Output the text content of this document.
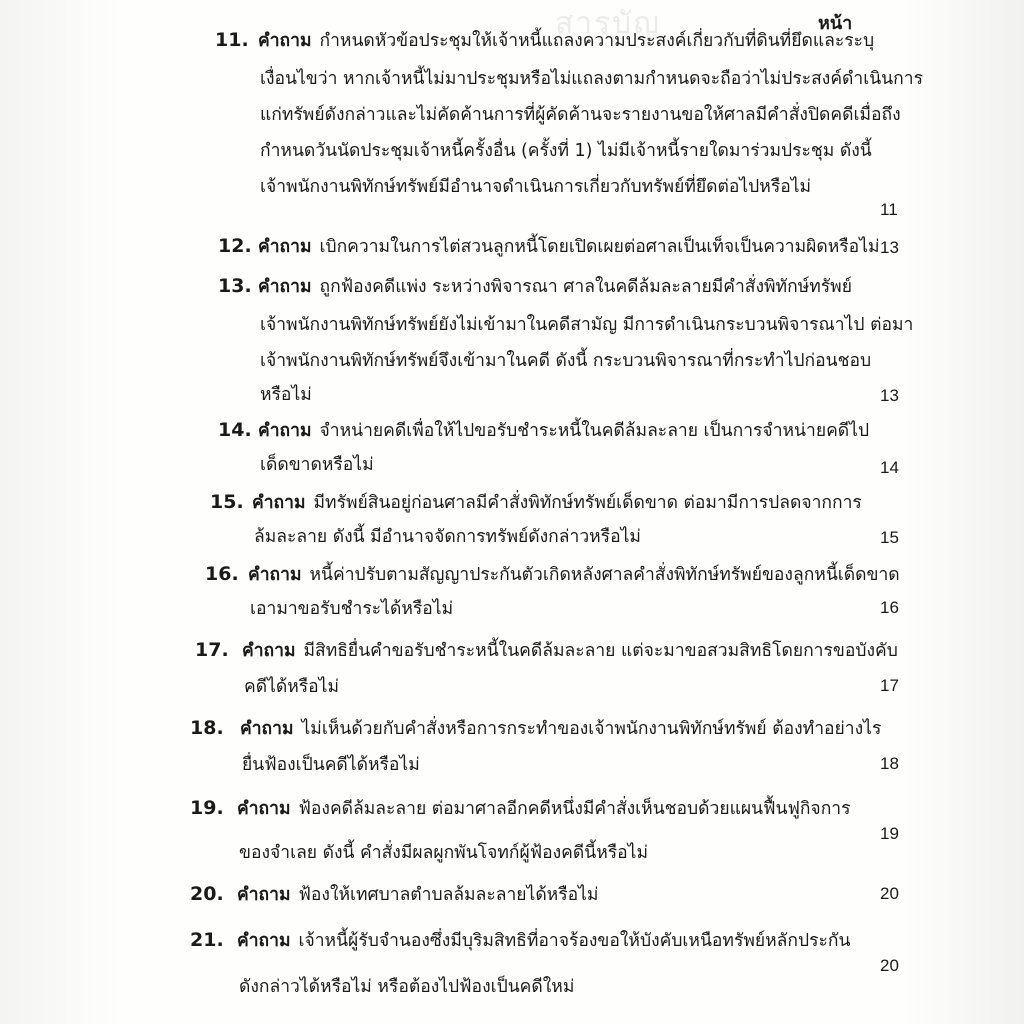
สารบัญ	หน้า
11. คำถาม กำหนดหัวข้อประชุมให้เจ้าหนี้แถลงความประสงค์เกี่ยวกับที่ดินที่ยึดและระบุ
เงื่อนไขว่า หากเจ้าหนี้ไม่มาประชุมหรือไม่แถลงตามกำหนดจะถือว่าไม่ประสงค์ดำเนินการ
แก่ทรัพย์ดังกล่าวและไม่คัดค้านการที่ผู้คัดค้านจะรายงานขอให้ศาลมีคำสั่งปิดคดีเมื่อถึง
กำหนดวันนัดประชุมเจ้าหนี้ครั้งอื่น (ครั้งที่ 1) ไม่มีเจ้าหนี้รายใดมาร่วมประชุม ดังนี้
เจ้าพนักงานพิทักษ์ทรัพย์มีอำนาจดำเนินการเกี่ยวกับทรัพย์ที่ยึดต่อไปหรือไม่
11
12. คำถาม เบิกความในการไต่สวนลูกหนี้โดยเปิดเผยต่อศาลเป็นเท็จเป็นความผิดหรือไม่ 13
13. คำถาม ถูกฟ้องคดีแพ่ง ระหว่างพิจารณา ศาลในคดีล้มละลายมีคำสั่งพิทักษ์ทรัพย์
เจ้าพนักงานพิทักษ์ทรัพย์ยังไม่เข้ามาในคดีสามัญ มีการดำเนินกระบวนพิจารณาไป ต่อมา
เจ้าพนักงานพิทักษ์ทรัพย์จึงเข้ามาในคดี ดังนี้ กระบวนพิจารณาที่กระทำไปก่อนชอบ
หรือไม่	13
14. คำถาม จำหน่ายคดีเพื่อให้ไปขอรับชำระหนี้ในคดีล้มละลาย เป็นการจำหน่ายคดีไป
เด็ดขาดหรือไม่	14
15. คำถาม มีทรัพย์สินอยู่ก่อนศาลมีคำสั่งพิทักษ์ทรัพย์เด็ดขาด ต่อมามีการปลดจากการ
ล้มละลาย ดังนี้ มีอำนาจจัดการทรัพย์ดังกล่าวหรือไม่	15
16. คำถาม หนี้ค่าปรับตามสัญญาประกันตัวเกิดหลังศาลคำสั่งพิทักษ์ทรัพย์ของลูกหนี้เด็ดขาด
เอามาขอรับชำระได้หรือไม่	16
17. คำถาม มีสิทธิยื่นคำขอรับชำระหนี้ในคดีล้มละลาย แต่จะมาขอสวมสิทธิโดยการขอบังคับ
คดีได้หรือไม่	17
18. คำถาม ไม่เห็นด้วยกับคำสั่งหรือการกระทำของเจ้าพนักงานพิทักษ์ทรัพย์ ต้องทำอย่างไร
ยื่นฟ้องเป็นคดีได้หรือไม่	18
19. คำถาม ฟ้องคดีล้มละลาย ต่อมาศาลอีกคดีหนึ่งมีคำสั่งเห็นชอบด้วยแผนฟื้นฟูกิจการ
ของจำเลย ดังนี้ คำสั่งมีผลผูกพันโจทก์ผู้ฟ้องคดีนี้หรือไม่
19
20. คำถาม ฟ้องให้เทศบาลตำบลล้มละลายได้หรือไม่	20
21. คำถาม เจ้าหนี้ผู้รับจำนองซึ่งมีบุริมสิทธิที่อาจร้องขอให้บังคับเหนือทรัพย์หลักประกัน
ดังกล่าวได้หรือไม่ หรือต้องไปฟ้องเป็นคดีใหม่
20
